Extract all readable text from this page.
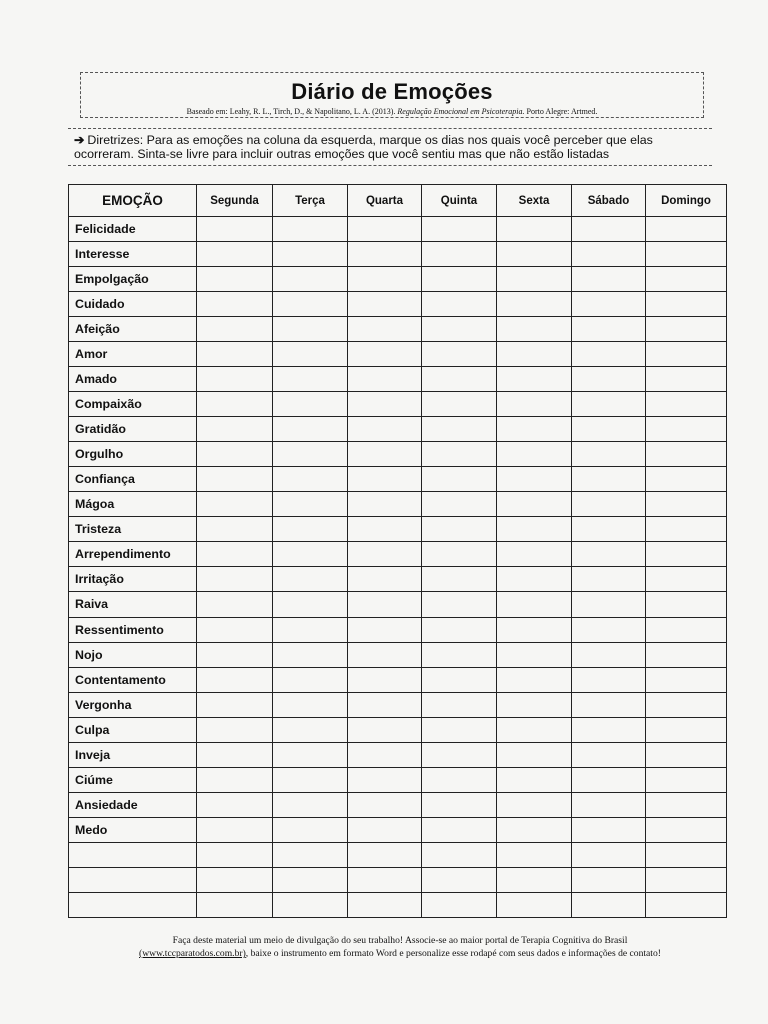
Diário de Emoções
Baseado em: Leahy, R. L., Tirch, D., & Napolitano, L. A. (2013). Regulação Emocional em Psicoterapia. Porto Alegre: Artmed.
➔ Diretrizes: Para as emoções na coluna da esquerda, marque os dias nos quais você perceber que elas ocorreram. Sinta-se livre para incluir outras emoções que você sentiu mas que não estão listadas
EMOÇÃO	Segunda	Terça	Quarta	Quinta	Sexta	Sábado	Domingo
Felicidade							
Interesse							
Empolgação							
Cuidado							
Afeição							
Amor							
Amado							
Compaixão							
Gratidão							
Orgulho							
Confiança							
Mágoa							
Tristeza							
Arrependimento							
Irritação							
Raiva							
Ressentimento							
Nojo							
Contentamento							
Vergonha							
Culpa							
Inveja							
Ciúme							
Ansiedade							
Medo							

Faça deste material um meio de divulgação do seu trabalho! Associe-se ao maior portal de Terapia Cognitiva do Brasil
(www.tccparatodos.com.br), baixe o instrumento em formato Word e personalize esse rodapé com seus dados e informações de contato!
